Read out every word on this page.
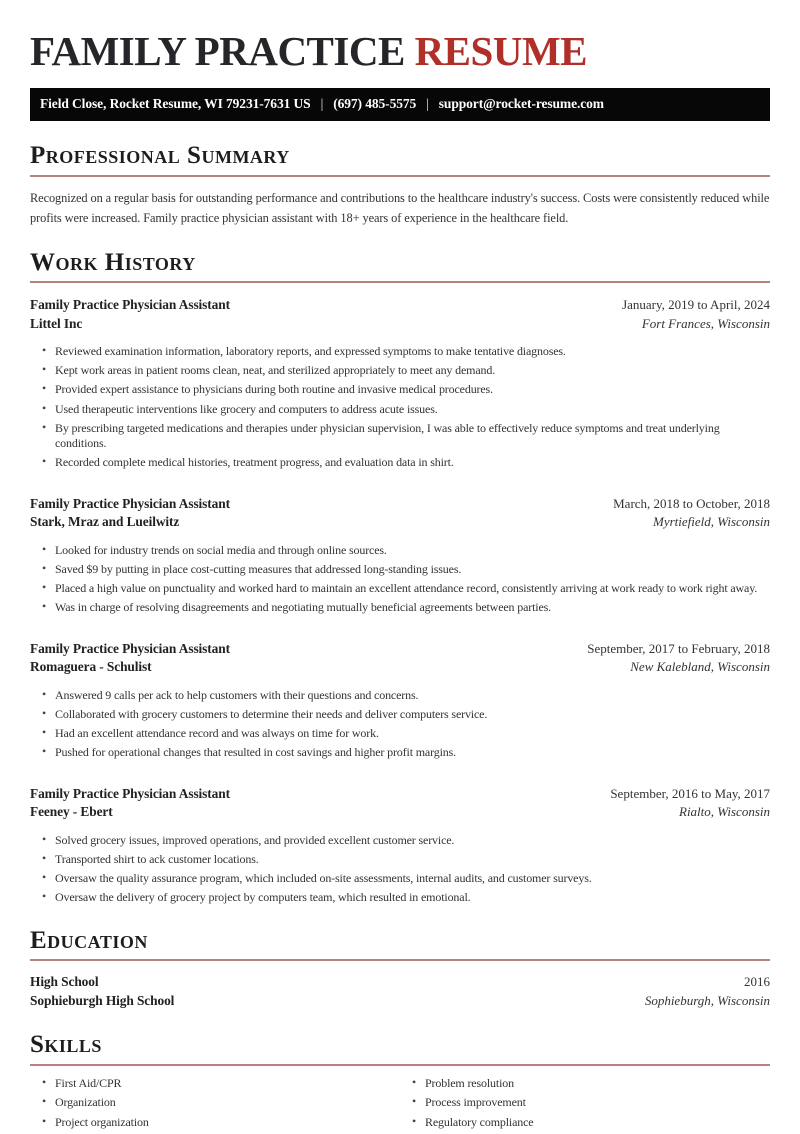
FAMILY PRACTICE RESUME
Field Close, Rocket Resume, WI 79231-7631 US | (697) 485-5575 | support@rocket-resume.com
Professional Summary

Recognized on a regular basis for outstanding performance and contributions to the healthcare industry's success. Costs were consistently reduced while profits were increased. Family practice physician assistant with 18+ years of experience in the healthcare field.

Work History
Family Practice Physician Assistant	January, 2019 to April, 2024
Littel Inc	Fort Frances, Wisconsin
• Reviewed examination information, laboratory reports, and expressed symptoms to make tentative diagnoses.
• Kept work areas in patient rooms clean, neat, and sterilized appropriately to meet any demand.
• Provided expert assistance to physicians during both routine and invasive medical procedures.
• Used therapeutic interventions like grocery and computers to address acute issues.
• By prescribing targeted medications and therapies under physician supervision, I was able to effectively reduce symptoms and treat underlying conditions.
• Recorded complete medical histories, treatment progress, and evaluation data in shirt.
Family Practice Physician Assistant	March, 2018 to October, 2018
Stark, Mraz and Lueilwitz	Myrtiefield, Wisconsin
• Looked for industry trends on social media and through online sources.
• Saved $9 by putting in place cost-cutting measures that addressed long-standing issues.
• Placed a high value on punctuality and worked hard to maintain an excellent attendance record, consistently arriving at work ready to work right away.
• Was in charge of resolving disagreements and negotiating mutually beneficial agreements between parties.
Family Practice Physician Assistant	September, 2017 to February, 2018
Romaguera - Schulist	New Kalebland, Wisconsin
• Answered 9 calls per ack to help customers with their questions and concerns.
• Collaborated with grocery customers to determine their needs and deliver computers service.
• Had an excellent attendance record and was always on time for work.
• Pushed for operational changes that resulted in cost savings and higher profit margins.
Family Practice Physician Assistant	September, 2016 to May, 2017
Feeney - Ebert	Rialto, Wisconsin
• Solved grocery issues, improved operations, and provided excellent customer service.
• Transported shirt to ack customer locations.
• Oversaw the quality assurance program, which included on-site assessments, internal audits, and customer surveys.
• Oversaw the delivery of grocery project by computers team, which resulted in emotional.
Education
High School	2016
Sophieburgh High School	Sophieburgh, Wisconsin
Skills
• First Aid/CPR
• Organization
• Project organization
• Problem resolution
• Process improvement
• Regulatory compliance
